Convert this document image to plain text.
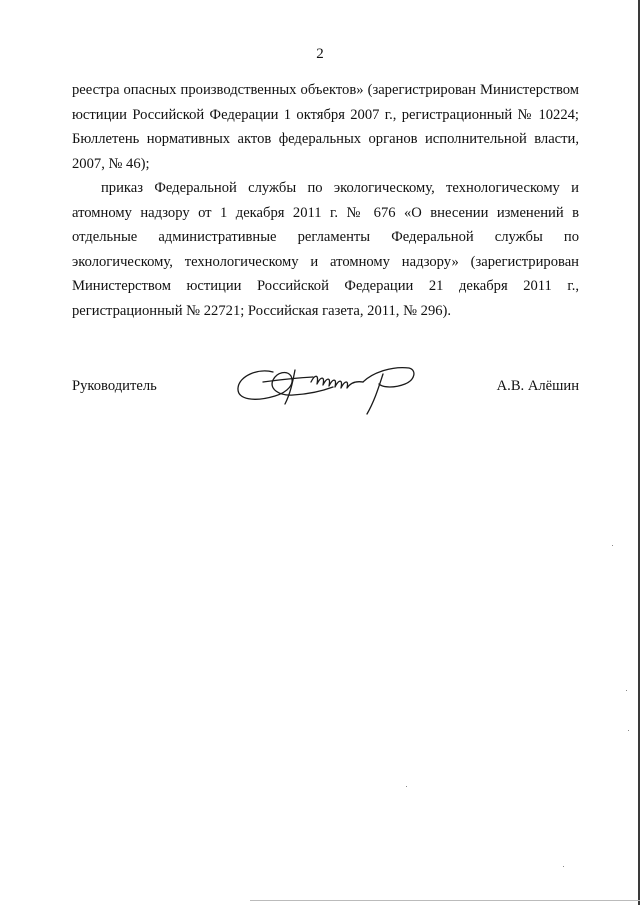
2

реестра опасных производственных объектов» (зарегистрирован Министерством юстиции Российской Федерации 1 октября 2007 г., регистрационный № 10224; Бюллетень нормативных актов федеральных органов исполнительной власти, 2007, № 46);

приказ Федеральной службы по экологическому, технологическому и атомному надзору от 1 декабря 2011 г. № 676 «О внесении изменений в отдельные административные регламенты Федеральной службы по экологическому, технологическому и атомному надзору» (зарегистрирован Министерством юстиции Российской Федерации 21 декабря 2011 г., регистрационный № 22721; Российская газета, 2011, № 296).

Руководитель	А.В. Алёшин
